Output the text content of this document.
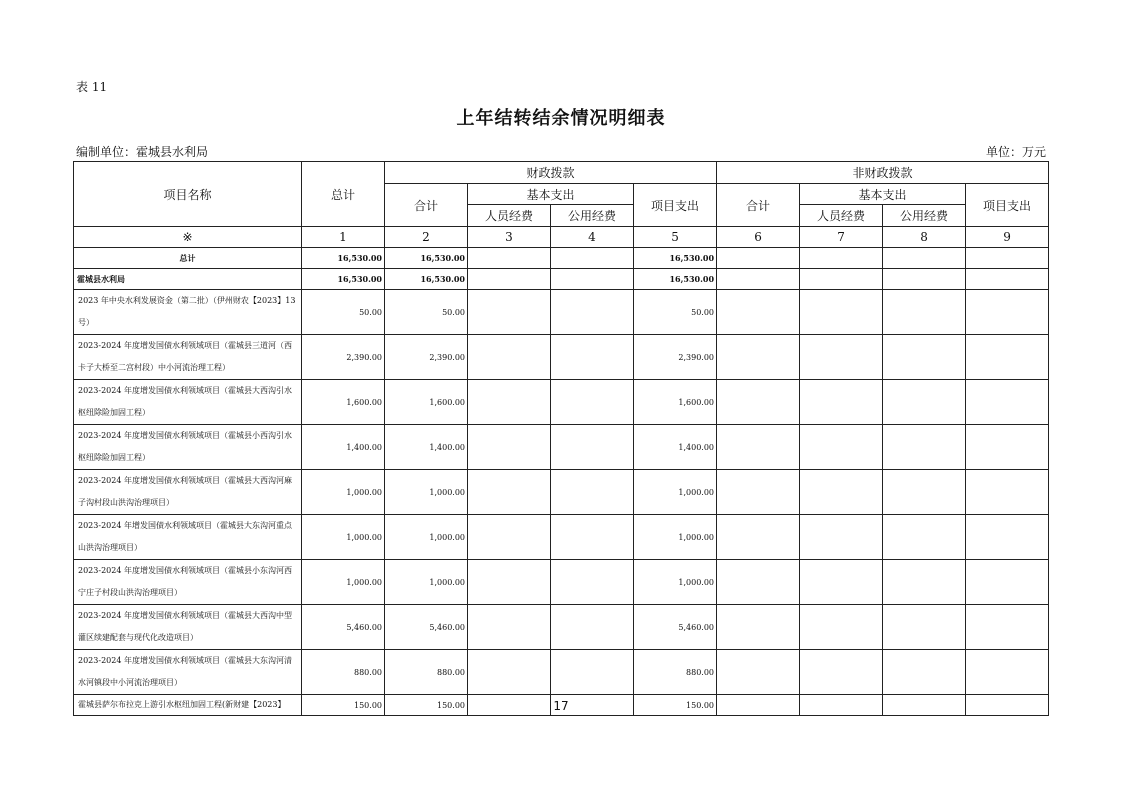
表 11
上年结转结余情况明细表
编制单位：霍城县水利局	单位：万元
项目名称	总计	财政拨款				非财政拨款			
		合计	基本支出		项目支出	合计	基本支出		项目支出
			人员经费	公用经费			人员经费	公用经费	
※	1	2	3	4	5	6	7	8	9
总计	16,530.00	16,530.00			16,530.00				
霍城县水利局	16,530.00	16,530.00			16,530.00				
2023 年中央水利发展资金（第二批）（伊州财农【2023】13 号）	50.00	50.00			50.00				
2023-2024 年度增发国债水利领域项目（霍城县三道河（西卡子大桥至二宫村段）中小河流治理工程）	2,390.00	2,390.00			2,390.00				
2023-2024 年度增发国债水利领域项目（霍城县大西沟引水枢纽除险加固工程）	1,600.00	1,600.00			1,600.00				
2023-2024 年度增发国债水利领域项目（霍城县小西沟引水枢纽除险加固工程）	1,400.00	1,400.00			1,400.00				
2023-2024 年度增发国债水利领域项目（霍城县大西沟河麻子沟村段山洪沟治理项目）	1,000.00	1,000.00			1,000.00				
2023-2024 年增发国债水利领域项目（霍城县大东沟河重点山洪沟治理项目）	1,000.00	1,000.00			1,000.00				
2023-2024 年度增发国债水利领域项目（霍城县小东沟河西宁庄子村段山洪沟治理项目）	1,000.00	1,000.00			1,000.00				
2023-2024 年度增发国债水利领域项目（霍城县大西沟中型灌区续建配套与现代化改造项目）	5,460.00	5,460.00			5,460.00				
2023-2024 年度增发国债水利领域项目（霍城县大东沟河清水河镇段中小河流治理项目）	880.00	880.00			880.00				
霍城县萨尔布拉克上游引水枢纽加固工程(新财建【2023】	150.00	150.00			150.00				
17
